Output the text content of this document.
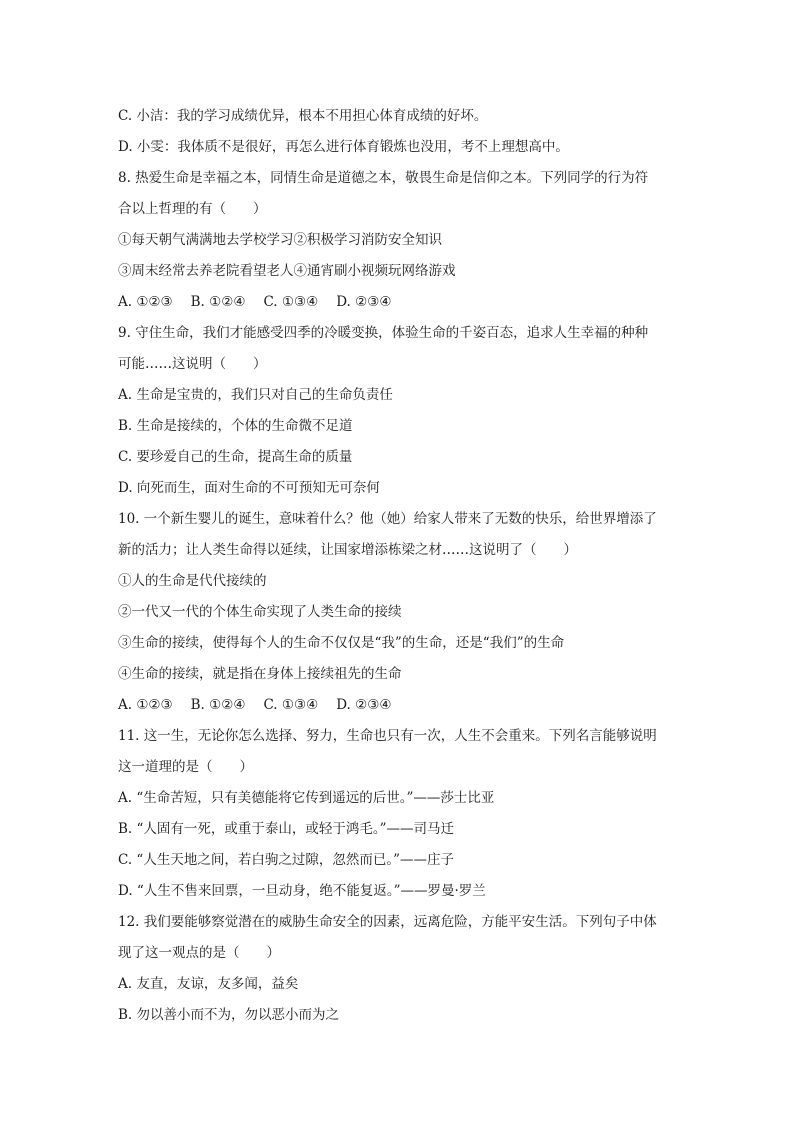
C. 小洁：我的学习成绩优异，根本不用担心体育成绩的好坏。
D. 小雯：我体质不是很好，再怎么进行体育锻炼也没用，考不上理想高中。
8. 热爱生命是幸福之本，同情生命是道德之本，敬畏生命是信仰之本。下列同学的行为符
合以上哲理的有（　　）
①每天朝气满满地去学校学习②积极学习消防安全知识
③周末经常去养老院看望老人④通宵刷小视频玩网络游戏
A. ①②③ B. ①②④ C. ①③④ D. ②③④
9. 守住生命，我们才能感受四季的冷暖变换，体验生命的千姿百态，追求人生幸福的种种
可能……这说明（　　）
A. 生命是宝贵的，我们只对自己的生命负责任
B. 生命是接续的，个体的生命微不足道
C. 要珍爱自己的生命，提高生命的质量
D. 向死而生，面对生命的不可预知无可奈何
10. 一个新生婴儿的诞生，意味着什么？他（她）给家人带来了无数的快乐，给世界增添了
新的活力；让人类生命得以延续，让国家增添栋梁之材……这说明了（　　）
①人的生命是代代接续的
②一代又一代的个体生命实现了人类生命的接续
③生命的接续，使得每个人的生命不仅仅是“我”的生命，还是“我们”的生命
④生命的接续，就是指在身体上接续祖先的生命
A. ①②③ B. ①②④ C. ①③④ D. ②③④
11. 这一生，无论你怎么选择、努力，生命也只有一次，人生不会重来。下列名言能够说明
这一道理的是（　　）
A. “生命苦短，只有美德能将它传到遥远的后世。”——莎士比亚
B. “人固有一死，或重于泰山，或轻于鸿毛。”——司马迁
C. “人生天地之间，若白驹之过隙，忽然而已。”——庄子
D. “人生不售来回票，一旦动身，绝不能复返。”——罗曼·罗兰
12. 我们要能够察觉潜在的威胁生命安全的因素，远离危险，方能平安生活。下列句子中体
现了这一观点的是（　　）
A. 友直，友谅，友多闻，益矣
B. 勿以善小而不为，勿以恶小而为之
